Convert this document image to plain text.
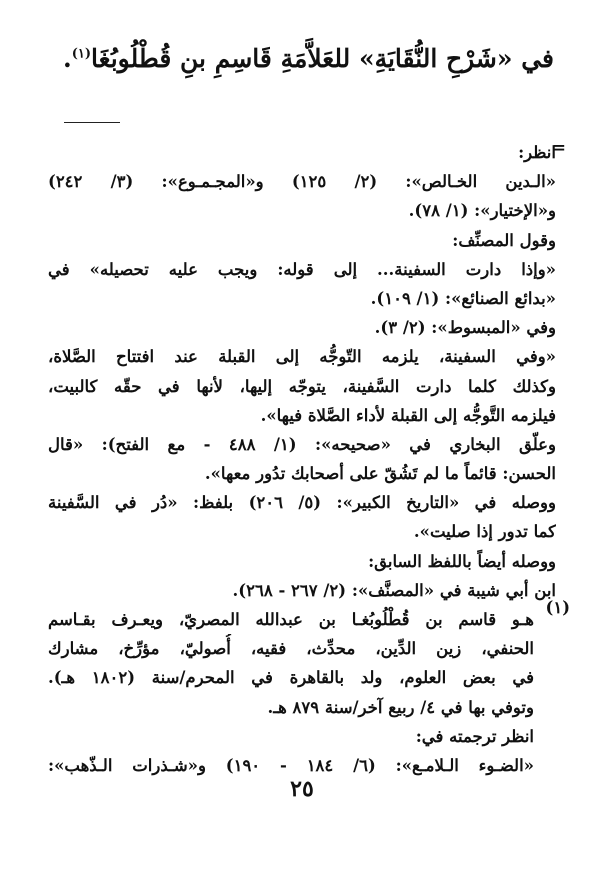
في «شَرْحِ النُّقَايَةِ» للعَلاَّمَةِ قَاسِمِ بنِ قُطْلُوبُغَا$^{(١)}$.
=
انظر:
«الـدين الخـالص»: (٢/ ١٢٥) و«المجـمـوع»: (٣/ ٢٤٢)
و«الإختيار»: (١/ ٧٨).
وقول المصنِّف:
«وإذا دارت السفينة... إلى قوله: ويجب عليه تحصيله» في
«بدائع الصنائع»: (١/ ١٠٩).
وفي «المبسوط»: (٢/ ٣).
«وفي السفينة، يلزمه التّوجُّه إلى القبلة عند افتتاح الصَّلاة،
وكذلك كلما دارت السَّفينة، يتوجّه إليها، لأنها في حقّه كالبيت،
فيلزمه التَّوجُّه إلى القبلة لأداء الصَّلاة فيها».
وعلّق البخاري في «صحيحه»: (١/ ٤٨٨ - مع الفتح): «قال
الحسن: قائماً ما لم تَشُقّ على أصحابك تدُور معها».
ووصله في «التاريخ الكبير»: (٥/ ٢٠٦) بلفظ: «دُر في السَّفينة
كما تدور إذا صليت».
ووصله أيضاً باللفظ السابق:
ابن أبي شيبة في «المصنَّف»: (٢/ ٢٦٧ - ٢٦٨).
هـو قاسم بن قُطْلُوبُغـا بن عبدالله المصريّ، ويعـرف بقـاسم
الحنفي، زين الدِّين، محدِّث، فقيه، أُصوليّ، مؤرِّخ، مشارك
في بعض العلوم، ولد بالقاهرة في المحرم/سنة (١٨٠٢ هـ).
وتوفي بها في ٤/ ربيع آخر/سنة ٨٧٩ هـ.
انظر ترجمته في:
«الضـوء الـلامـع»: (٦/ ١٨٤ - ١٩٠) و«شـذرات الـذّهب»:
(١)
٢٥
